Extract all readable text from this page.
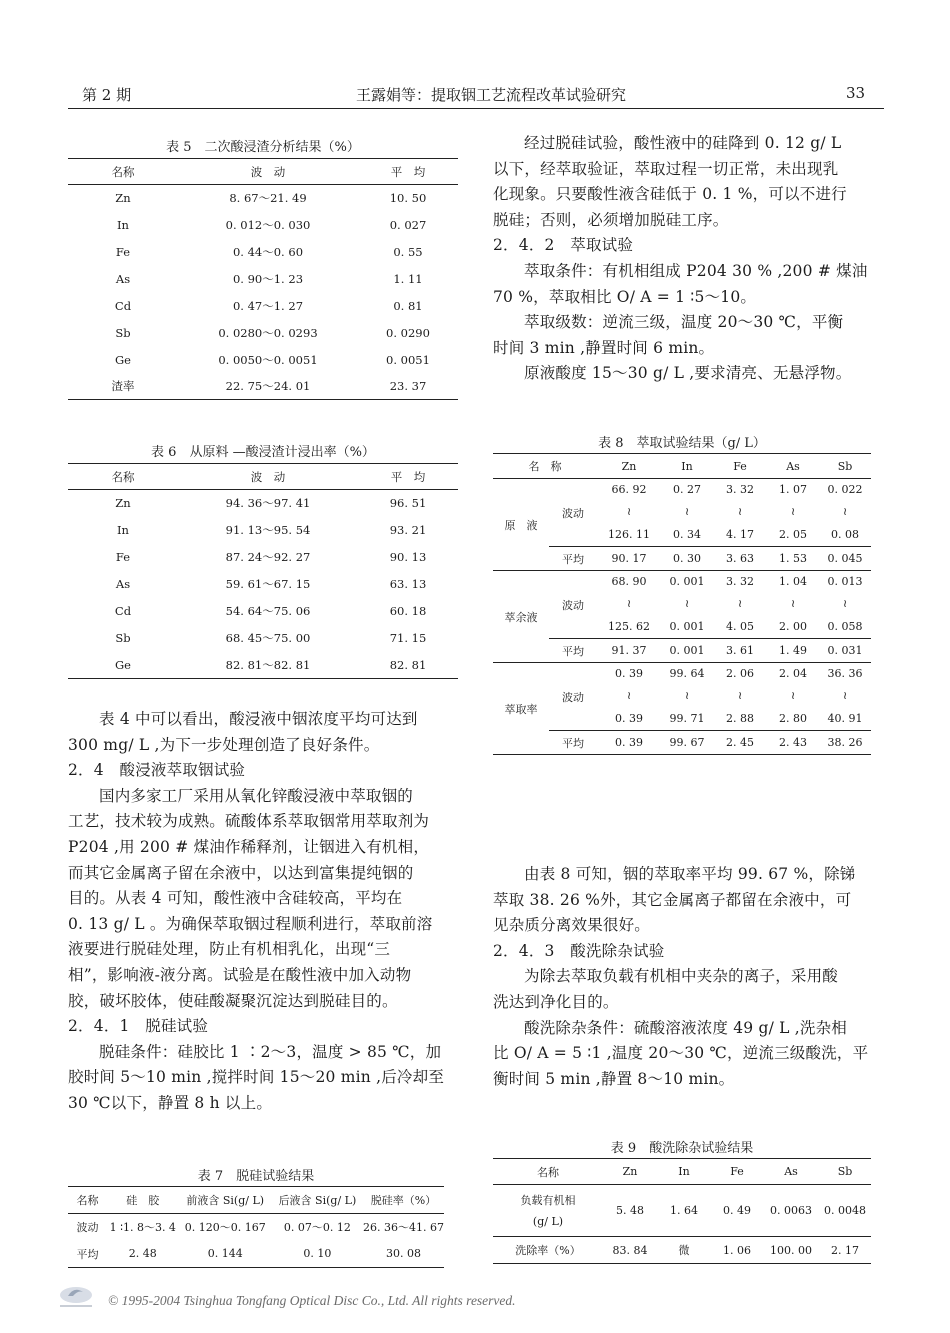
第 2 期	王露娟等：提取铟工艺流程改革试验研究	33
表 5　二次酸浸渣分析结果（%）
名称	波　动	平　均
Zn	8. 67～21. 49	10. 50
In	0. 012～0. 030	0. 027
Fe	0. 44～0. 60	0. 55
As	0. 90～1. 23	1. 11
Cd	0. 47～1. 27	0. 81
Sb	0. 0280～0. 0293	0. 0290
Ge	0. 0050～0. 0051	0. 0051
渣率	22. 75～24. 01	23. 37
表 6　从原料 —酸浸渣计浸出率（%）
名称	波　动	平　均
Zn	94. 36～97. 41	96. 51
In	91. 13～95. 54	93. 21
Fe	87. 24～92. 27	90. 13
As	59. 61～67. 15	63. 13
Cd	54. 64～75. 06	60. 18
Sb	68. 45～75. 00	71. 15
Ge	82. 81～82. 81	82. 81
表 4 中可以看出，酸浸液中铟浓度平均可达到
300 mg/ L ,为下一步处理创造了良好条件。
2．4　酸浸液萃取铟试验
国内多家工厂采用从氧化锌酸浸液中萃取铟的
工艺，技术较为成熟。硫酸体系萃取铟常用萃取剂为
P204 ,用 200 # 煤油作稀释剂，让铟进入有机相，
而其它金属离子留在余液中，以达到富集提纯铟的
目的。从表 4 可知，酸性液中含硅较高，平均在
0. 13 g/ L 。为确保萃取铟过程顺利进行，萃取前溶
液要进行脱硅处理，防止有机相乳化，出现“三
相”，影响液-液分离。试验是在酸性液中加入动物
胶，破坏胶体，使硅酸凝聚沉淀达到脱硅目的。
2．4．1　脱硅试验
脱硅条件：硅胶比 1 ∶2～3，温度 > 85 ℃，加
胶时间 5～10 min ,搅拌时间 15～20 min ,后冷却至
30 ℃以下，静置 8 h 以上。
表 7　脱硅试验结果
名称	硅　胶	前液含 Si(g/ L)	后液含 Si(g/ L)	脱硅率（%）
波动	1 ∶1. 8～3. 4	0. 120～0. 167	0. 07～0. 12	26. 36～41. 67
平均	2. 48	0. 144	0. 10	30. 08
经过脱硅试验，酸性液中的硅降到 0. 12 g/ L
以下，经萃取验证，萃取过程一切正常，未出现乳
化现象。只要酸性液含硅低于 0. 1 %，可以不进行
脱硅；否则，必须增加脱硅工序。
2．4．2　萃取试验
萃取条件：有机相组成 P204 30 % ,200 # 煤油
70 %，萃取相比 O/ A = 1 ∶5～10。
萃取级数：逆流三级，温度 20～30 ℃，平衡
时间 3 min ,静置时间 6 min。
原液酸度 15～30 g/ L ,要求清亮、无悬浮物。
表 8　萃取试验结果（g/ L）
名　称		Zn	In	Fe	As	Sb
原　液	波动	66. 92	0. 27	3. 32	1. 07	0. 022
		≀	≀	≀	≀	≀
		126. 11	0. 34	4. 17	2. 05	0. 08
	平均	90. 17	0. 30	3. 63	1. 53	0. 045
萃余液	波动	68. 90	0. 001	3. 32	1. 04	0. 013
		≀	≀	≀	≀	≀
		125. 62	0. 001	4. 05	2. 00	0. 058
	平均	91. 37	0. 001	3. 61	1. 49	0. 031
萃取率	波动	0. 39	99. 64	2. 06	2. 04	36. 36
		≀	≀	≀	≀	≀
		0. 39	99. 71	2. 88	2. 80	40. 91
	平均	0. 39	99. 67	2. 45	2. 43	38. 26
由表 8 可知，铟的萃取率平均 99. 67 %，除锑
萃取 38. 26 %外，其它金属离子都留在余液中，可
见杂质分离效果很好。
2．4．3　酸洗除杂试验
为除去萃取负载有机相中夹杂的离子，采用酸
洗达到净化目的。
酸洗除杂条件：硫酸溶液浓度 49 g/ L ,洗杂相
比 O/ A = 5 ∶1 ,温度 20～30 ℃，逆流三级酸洗，平
衡时间 5 min ,静置 8～10 min。
表 9　酸洗除杂试验结果
名称	Zn	In	Fe	As	Sb

负载有机相
(g/ L)	5. 48	1. 64	0. 49	0. 0063	0. 0048
洗除率（%）	83. 84	微	1. 06	100. 00	2. 17
© 1995-2004 Tsinghua Tongfang Optical Disc Co., Ltd. All rights reserved.
